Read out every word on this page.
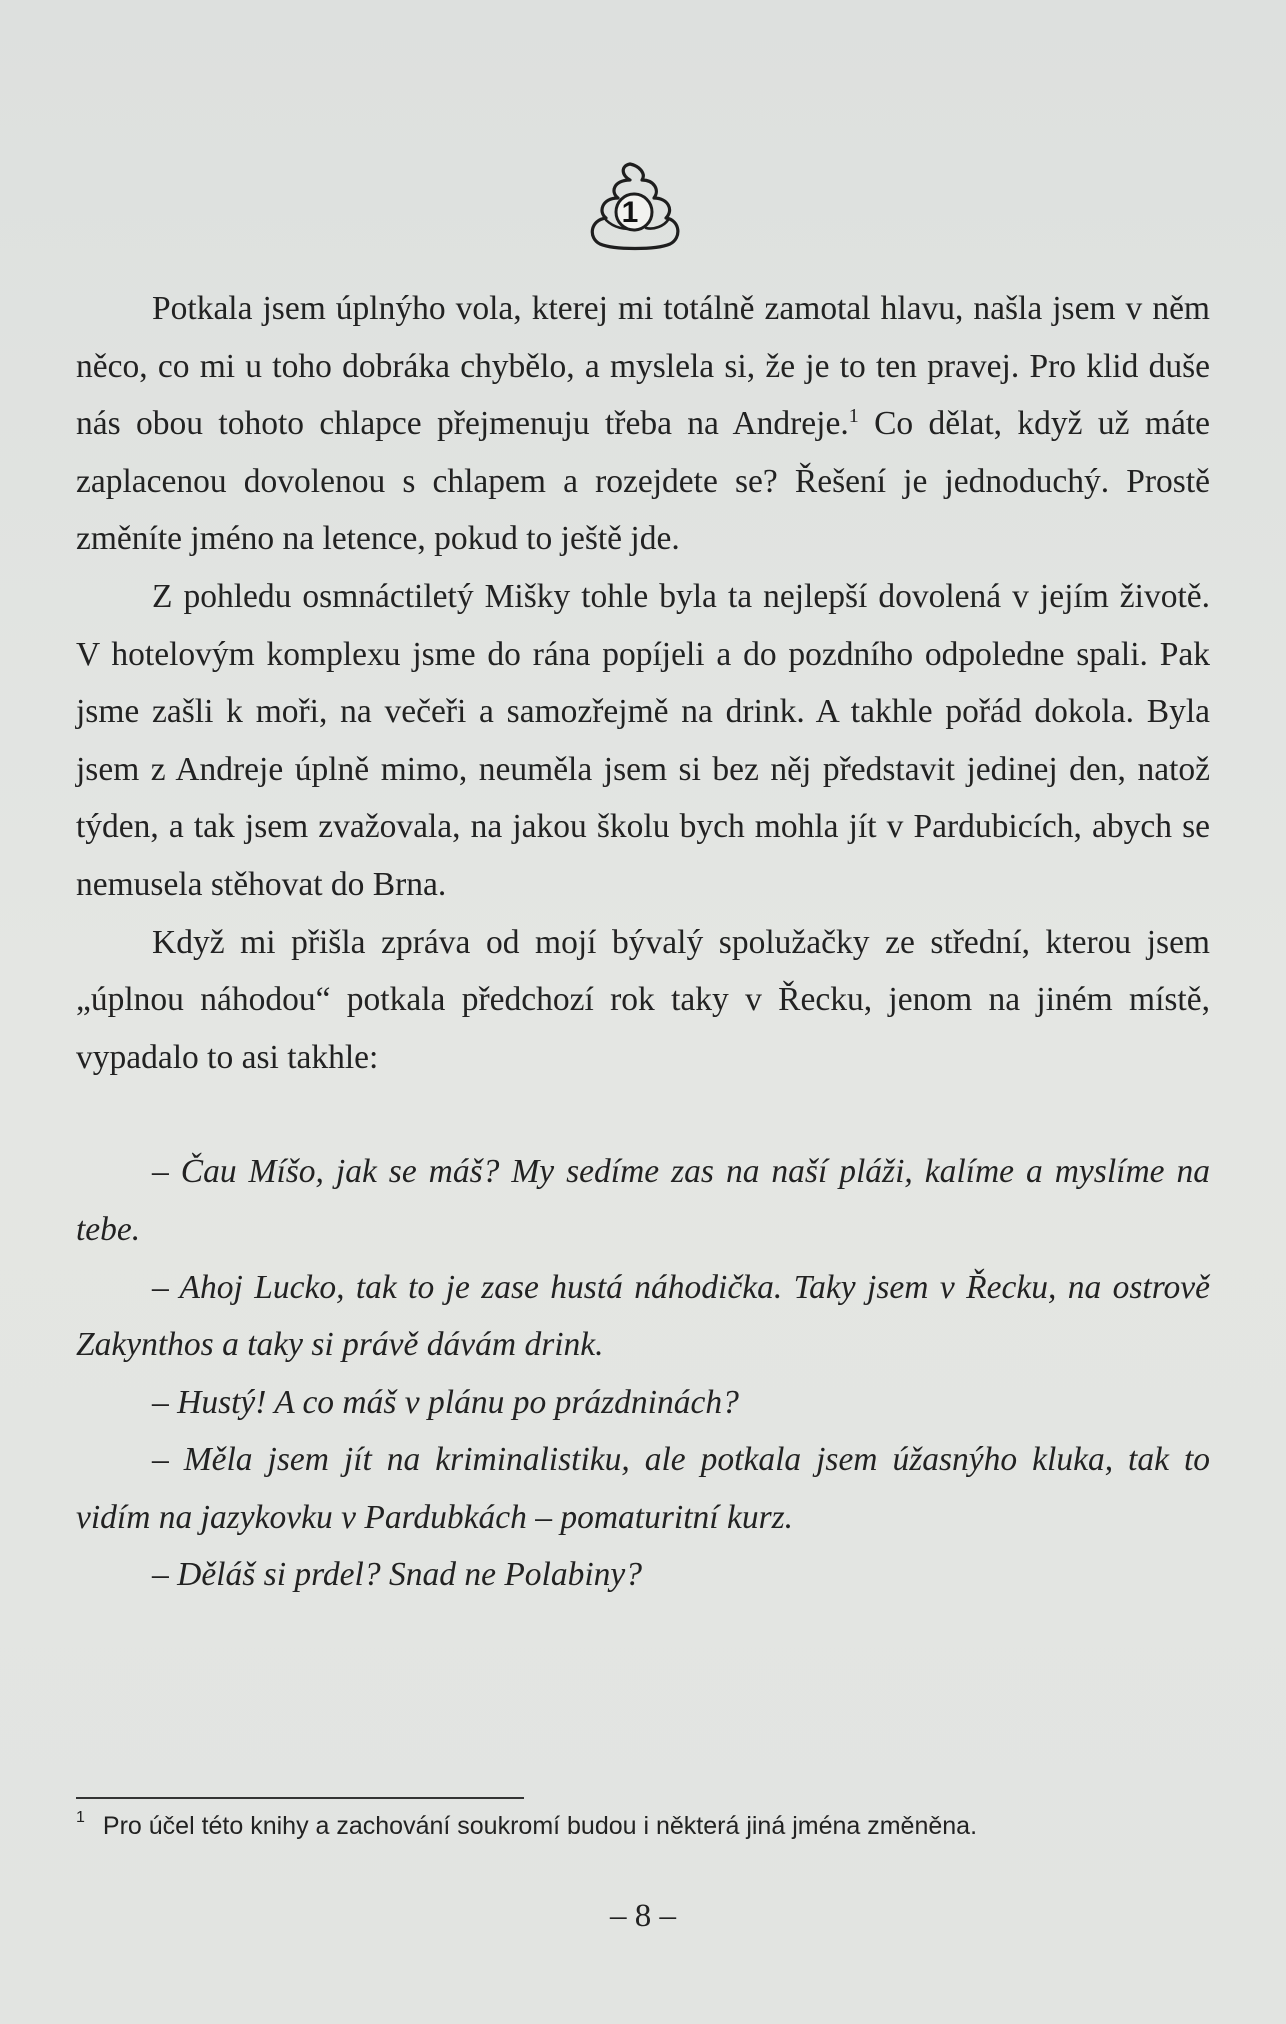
1

Potkala jsem úplnýho vola, kterej mi totálně zamotal hlavu, našla jsem v něm něco, co mi u toho dobráka chybělo, a myslela si, že je to ten pravej. Pro klid duše nás obou tohoto chlapce přejmenuju třeba na Andreje.$^1$ Co dělat, když už máte zaplacenou dovolenou s chlapem a rozejdete se? Řešení je jednoduchý. Prostě změníte jméno na letence, pokud to ještě jde.

Z pohledu osmnáctiletý Mišky tohle byla ta nejlepší dovolená v jejím životě. V hotelovým komplexu jsme do rána popíjeli a do pozdního odpoledne spali. Pak jsme zašli k moři, na večeři a samozřejmě na drink. A takhle pořád dokola. Byla jsem z Andreje úplně mimo, neuměla jsem si bez něj představit jedinej den, natož týden, a tak jsem zvažovala, na jakou školu bych mohla jít v Pardubicích, abych se nemusela stěhovat do Brna.

Když mi přišla zpráva od mojí bývalý spolužačky ze střední, kterou jsem „úplnou náhodou“ potkala předchozí rok taky v Řecku, jenom na jiném místě, vypadalo to asi takhle:

– Čau Míšo, jak se máš? My sedíme zas na naší pláži, kalíme a myslíme na tebe.

– Ahoj Lucko, tak to je zase hustá náhodička. Taky jsem v Řecku, na ostrově Zakynthos a taky si právě dávám drink.

– Hustý! A co máš v plánu po prázdninách?

– Měla jsem jít na kriminalistiku, ale potkala jsem úžasnýho kluka, tak to vidím na jazykovku v Pardubkách – pomaturitní kurz.

– Děláš si prdel? Snad ne Polabiny?

$^1$ Pro účel této knihy a zachování soukromí budou i některá jiná jména změněna.
– 8 –
